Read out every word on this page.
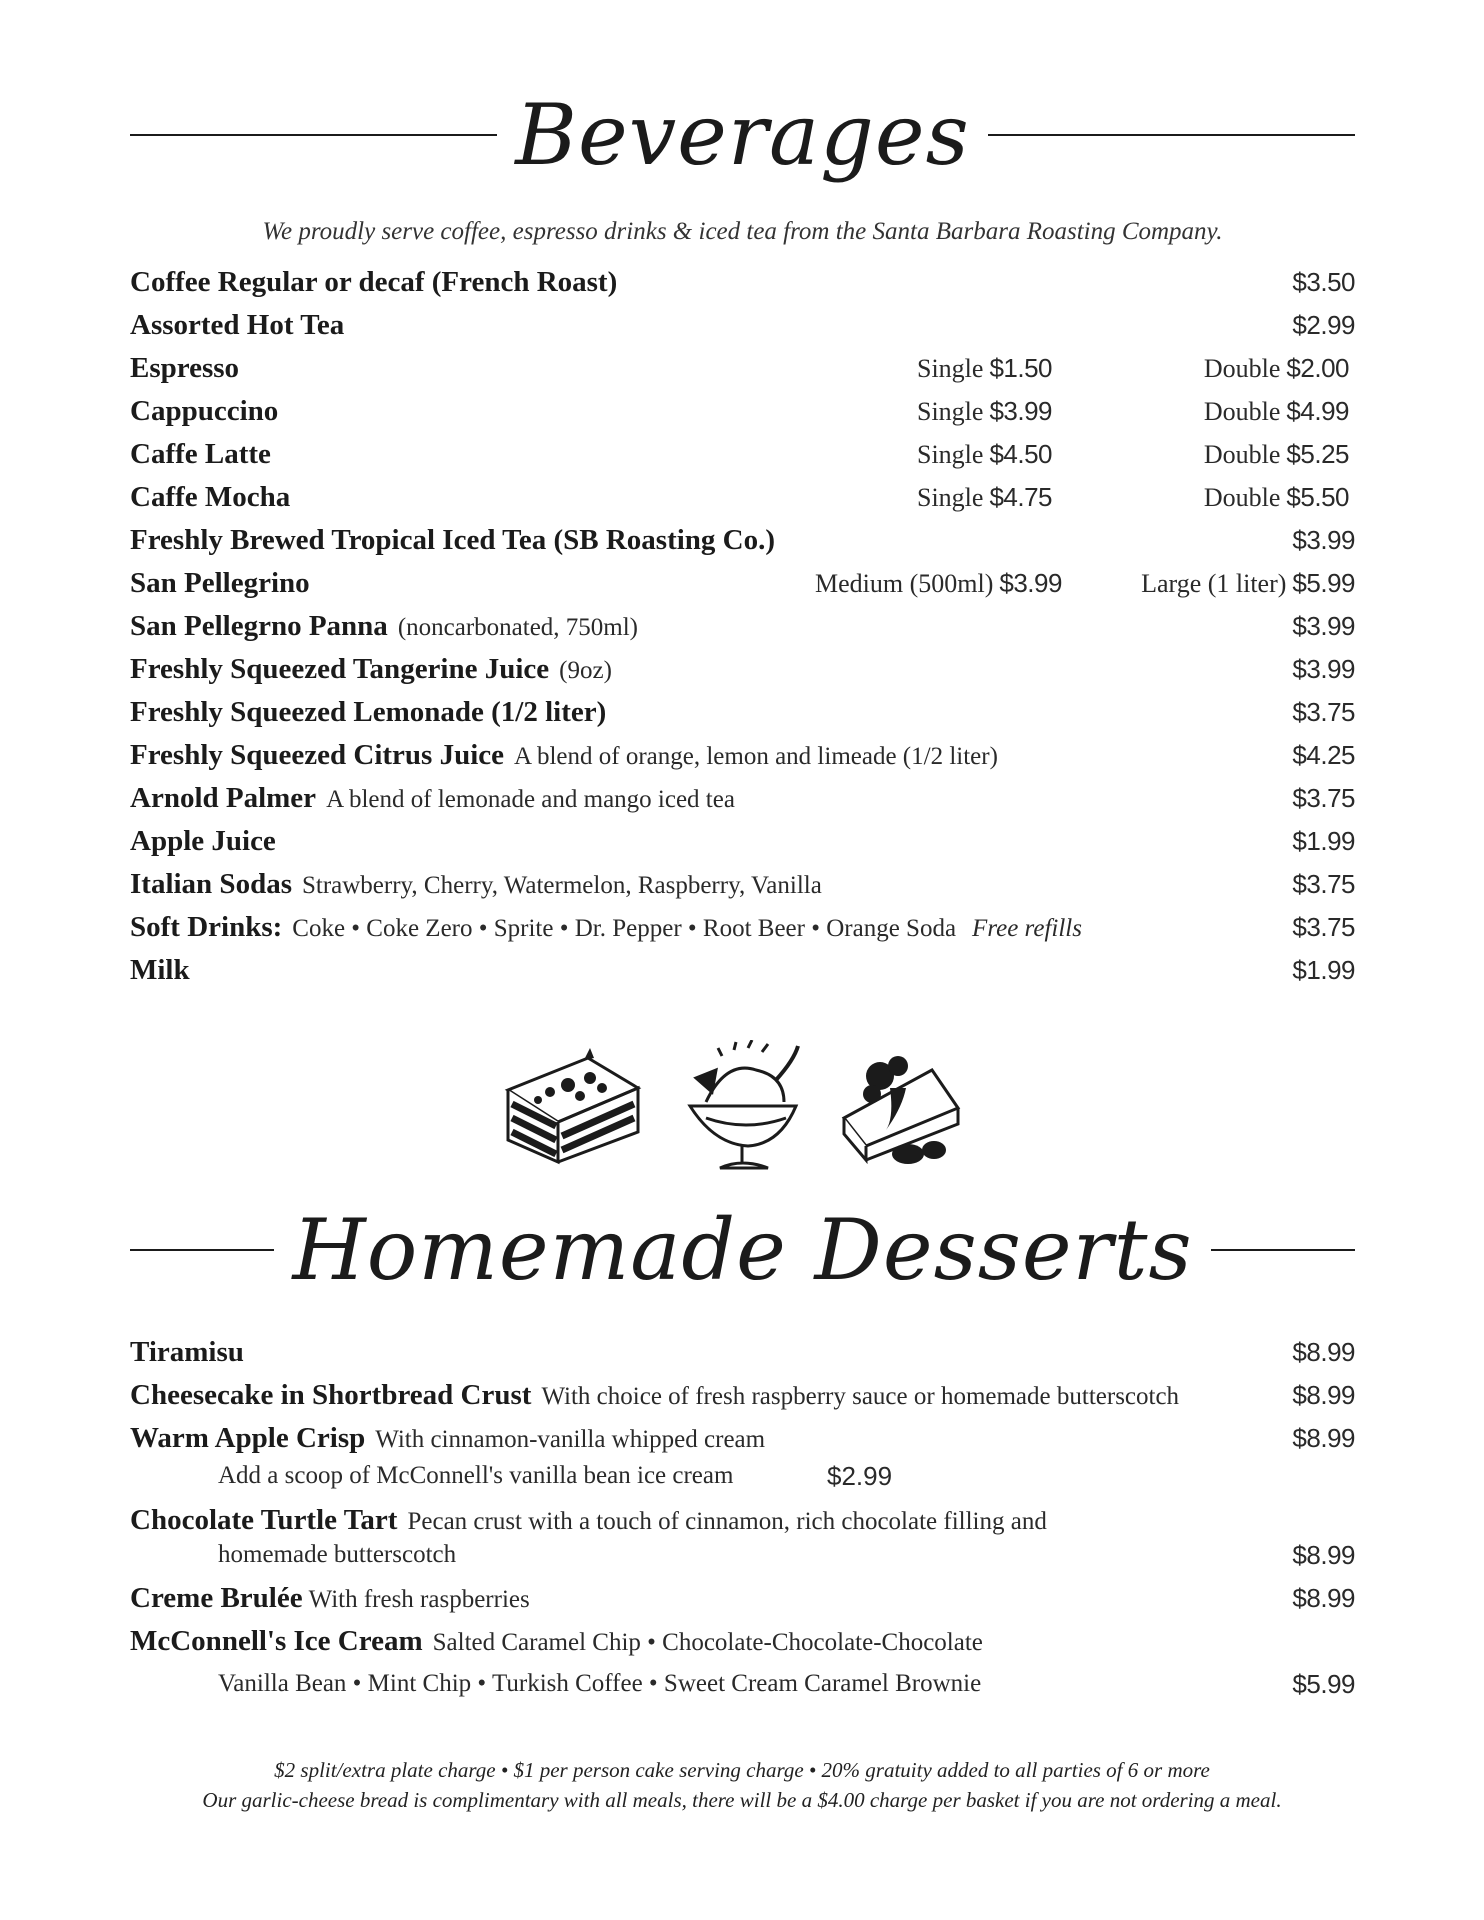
Beverages
We proudly serve coffee, espresso drinks & iced tea from the Santa Barbara Roasting Company.
Coffee Regular or decaf (French Roast)	$3.50
Assorted Hot Tea	$2.99
Espresso	Single $1.50	Double $2.00
Cappuccino	Single $3.99	Double $4.99
Caffe Latte	Single $4.50	Double $5.25
Caffe Mocha	Single $4.75	Double $5.50
Freshly Brewed Tropical Iced Tea (SB Roasting Co.)	$3.99
San Pellegrino	Medium (500ml) $3.99	Large (1 liter) $5.99
San Pellegrno Panna (noncarbonated, 750ml)	$3.99
Freshly Squeezed Tangerine Juice (9oz)	$3.99
Freshly Squeezed Lemonade (1/2 liter)	$3.75
Freshly Squeezed Citrus Juice A blend of orange, lemon and limeade (1/2 liter)	$4.25
Arnold Palmer A blend of lemonade and mango iced tea	$3.75
Apple Juice	$1.99
Italian Sodas Strawberry, Cherry, Watermelon, Raspberry, Vanilla	$3.75
Soft Drinks: Coke • Coke Zero • Sprite • Dr. Pepper • Root Beer • Orange Soda Free refills	$3.75
Milk	$1.99
Homemade Desserts
Tiramisu	$8.99
Cheesecake in Shortbread Crust With choice of fresh raspberry sauce or homemade butterscotch	$8.99
Warm Apple Crisp With cinnamon-vanilla whipped cream	$8.99
Add a scoop of McConnell's vanilla bean ice cream	$2.99
Chocolate Turtle Tart Pecan crust with a touch of cinnamon, rich chocolate filling and
homemade butterscotch	$8.99
Creme Brulée With fresh raspberries	$8.99
McConnell's Ice Cream Salted Caramel Chip • Chocolate-Chocolate-Chocolate
Vanilla Bean • Mint Chip • Turkish Coffee • Sweet Cream Caramel Brownie	$5.99
$2 split/extra plate charge • $1 per person cake serving charge • 20% gratuity added to all parties of 6 or more
Our garlic-cheese bread is complimentary with all meals, there will be a $4.00 charge per basket if you are not ordering a meal.
